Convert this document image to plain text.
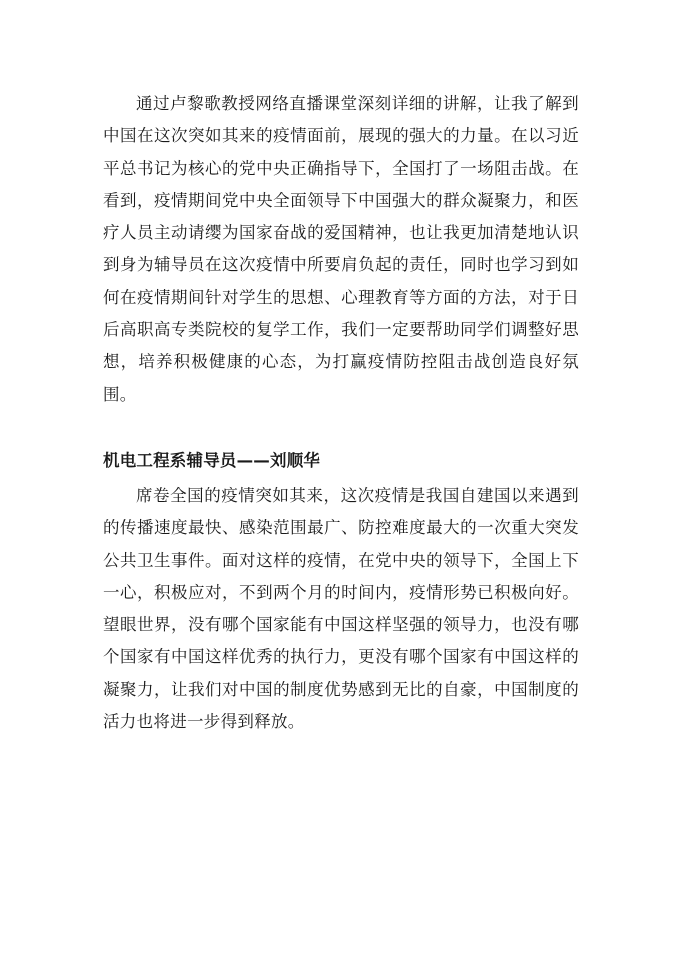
通过卢黎歌教授网络直播课堂深刻详细的讲解，让我了解到中国在这次突如其来的疫情面前，展现的强大的力量。在以习近平总书记为核心的党中央正确指导下，全国打了一场阻击战。在看到，疫情期间党中央全面领导下中国强大的群众凝聚力，和医疗人员主动请缨为国家奋战的爱国精神，也让我更加清楚地认识到身为辅导员在这次疫情中所要肩负起的责任，同时也学习到如何在疫情期间针对学生的思想、心理教育等方面的方法，对于日后高职高专类院校的复学工作，我们一定要帮助同学们调整好思想，培养积极健康的心态，为打赢疫情防控阻击战创造良好氛围。

机电工程系辅导员——刘顺华

席卷全国的疫情突如其来，这次疫情是我国自建国以来遇到的传播速度最快、感染范围最广、防控难度最大的一次重大突发公共卫生事件。面对这样的疫情，在党中央的领导下，全国上下一心，积极应对，不到两个月的时间内，疫情形势已积极向好。望眼世界，没有哪个国家能有中国这样坚强的领导力，也没有哪个国家有中国这样优秀的执行力，更没有哪个国家有中国这样的凝聚力，让我们对中国的制度优势感到无比的自豪，中国制度的活力也将进一步得到释放。
